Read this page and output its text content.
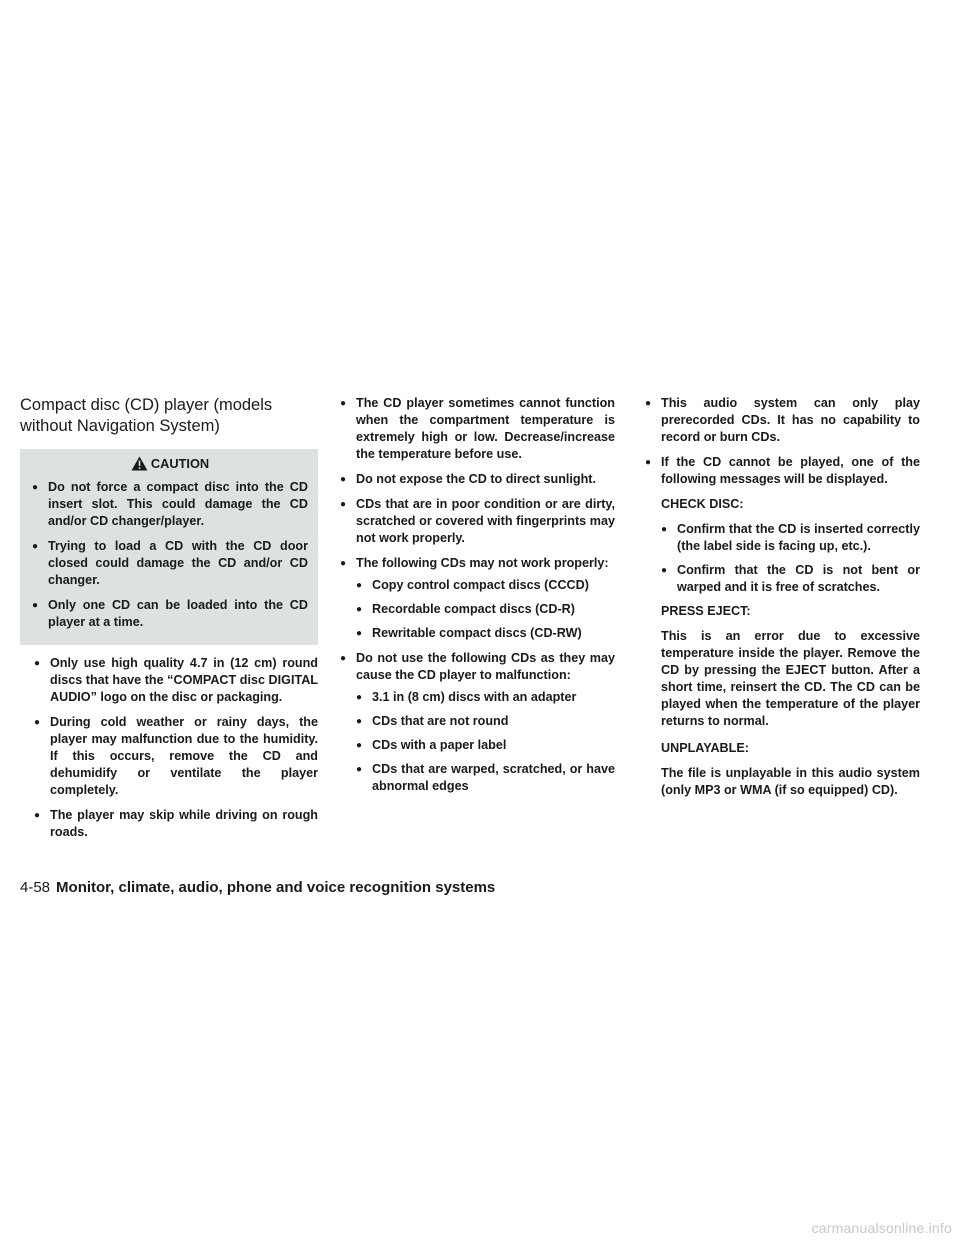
Compact disc (CD) player (models
without Navigation System)
CAUTION
● Do not force a compact disc into the CD insert slot. This could damage the CD and/or CD changer/player.
● Trying to load a CD with the CD door closed could damage the CD and/or CD changer.
● Only one CD can be loaded into the CD player at a time.
● Only use high quality 4.7 in (12 cm) round discs that have the “COMPACT disc DIGITAL AUDIO” logo on the disc or packaging.
● During cold weather or rainy days, the player may malfunction due to the humidity. If this occurs, remove the CD and dehumidify or ventilate the player completely.
● The player may skip while driving on rough roads.
● The CD player sometimes cannot function when the compartment temperature is extremely high or low. Decrease/increase the temperature before use.
● Do not expose the CD to direct sunlight.
● CDs that are in poor condition or are dirty, scratched or covered with fingerprints may not work properly.
● The following CDs may not work properly:
● Copy control compact discs (CCCD)
● Recordable compact discs (CD-R)
● Rewritable compact discs (CD-RW)
● Do not use the following CDs as they may cause the CD player to malfunction:
● 3.1 in (8 cm) discs with an adapter
● CDs that are not round
● CDs with a paper label
● CDs that are warped, scratched, or have abnormal edges
● This audio system can only play prerecorded CDs. It has no capability to record or burn CDs.
● If the CD cannot be played, one of the following messages will be displayed.

CHECK DISC:

● Confirm that the CD is inserted correctly (the label side is facing up, etc.).
● Confirm that the CD is not bent or warped and it is free of scratches.

PRESS EJECT:

This is an error due to excessive temperature inside the player. Remove the CD by pressing the EJECT button. After a short time, reinsert the CD. The CD can be played when the temperature of the player returns to normal.

UNPLAYABLE:

The file is unplayable in this audio system (only MP3 or WMA (if so equipped) CD).

4-58 Monitor, climate, audio, phone and voice recognition systems
carmanualsonline.info
